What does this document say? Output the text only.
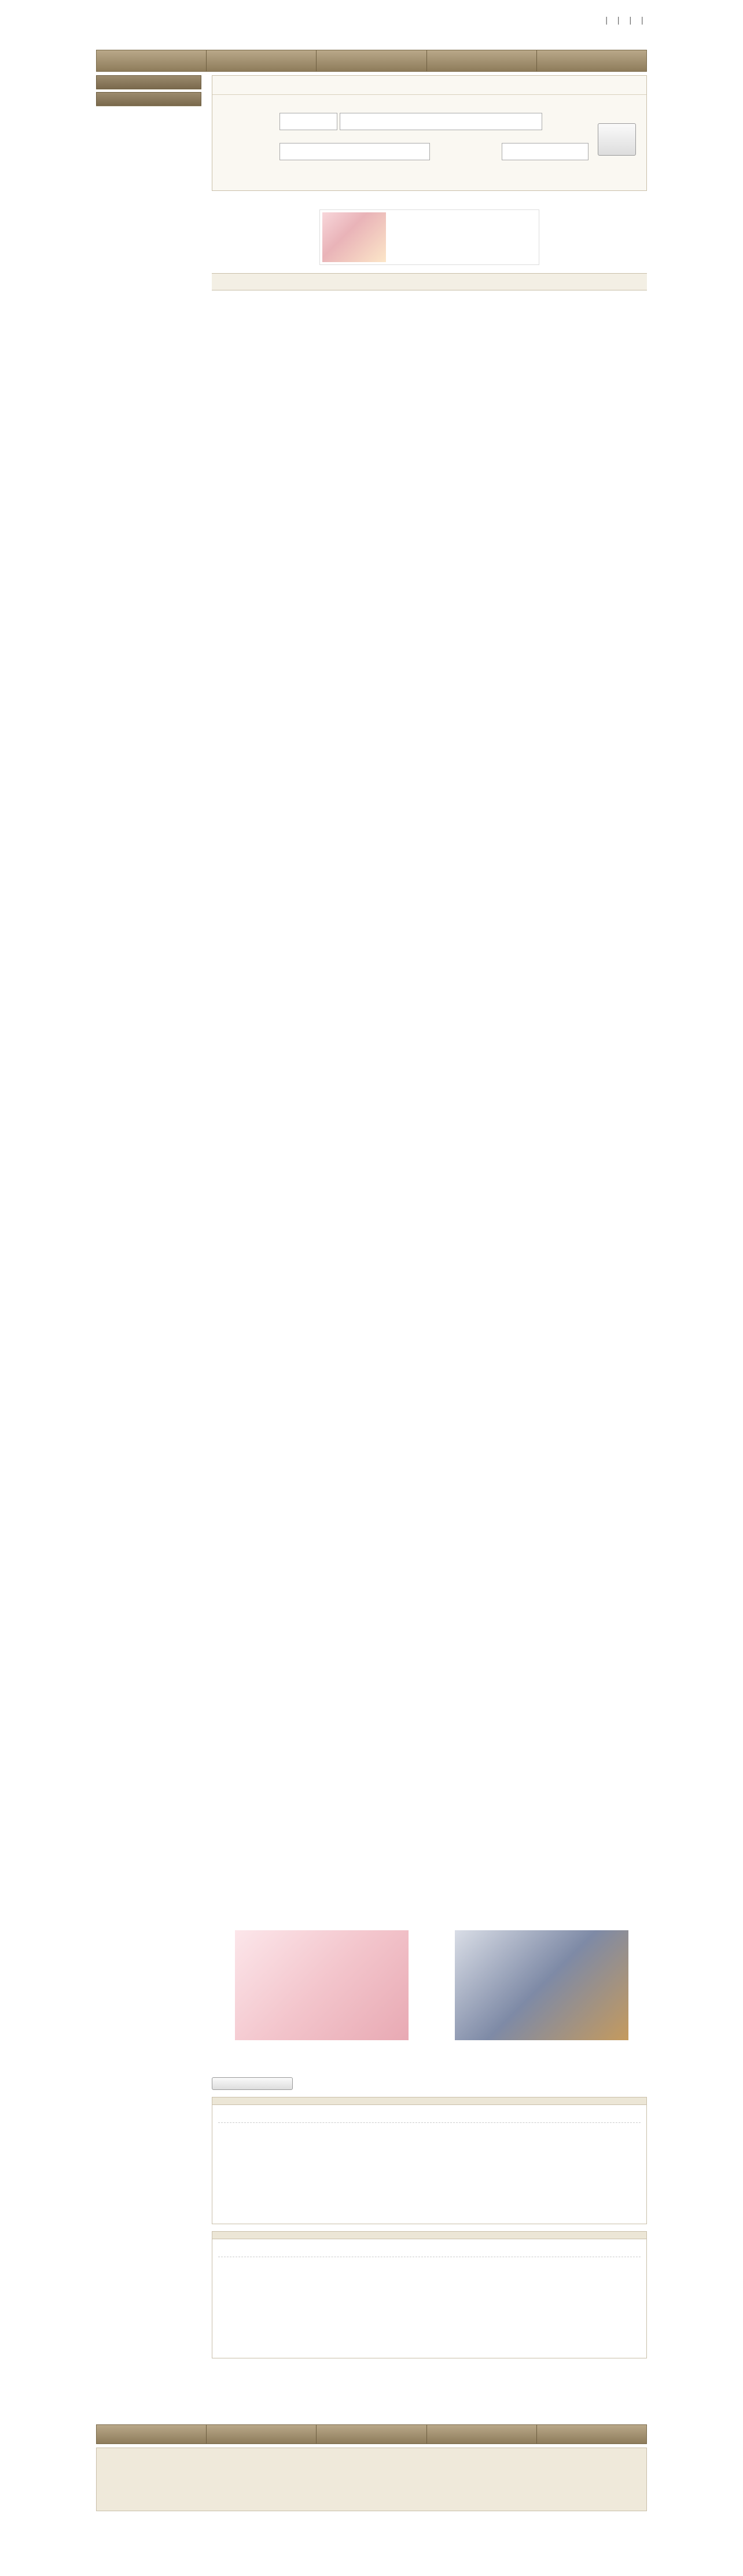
| | | |
